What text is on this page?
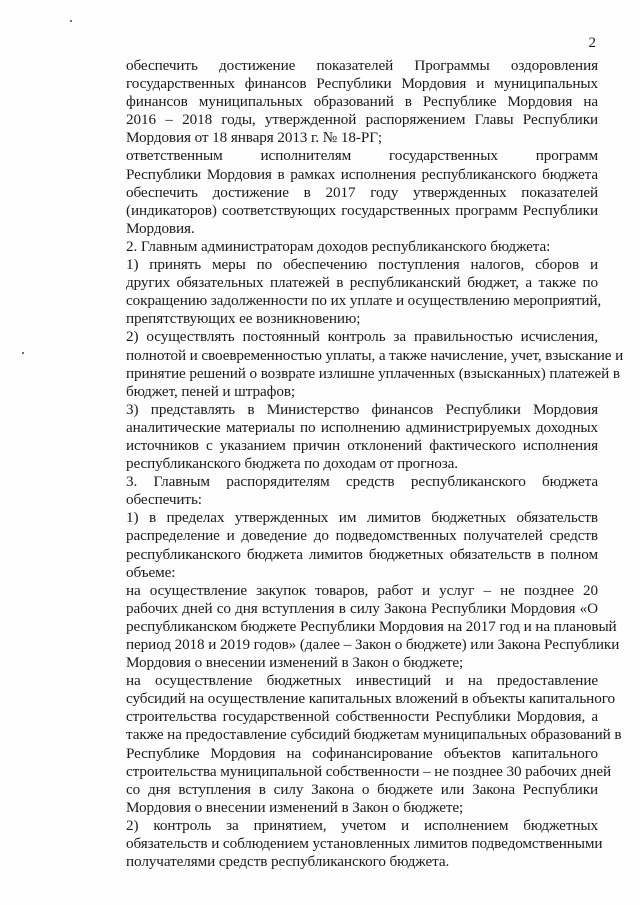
2
обеспечить достижение показателей Программы оздоровления
государственных финансов Республики Мордовия и муниципальных
финансов муниципальных образований в Республике Мордовия на
2016 – 2018 годы, утвержденной распоряжением Главы Республики
Мордовия от 18 января 2013 г. № 18-РГ;
ответственным исполнителям государственных программ
Республики Мордовия в рамках исполнения республиканского бюджета
обеспечить достижение в 2017 году утвержденных показателей
(индикаторов) соответствующих государственных программ Республики
Мордовия.
2. Главным администраторам доходов республиканского бюджета:
1) принять меры по обеспечению поступления налогов, сборов и
других обязательных платежей в республиканский бюджет, а также по
сокращению задолженности по их уплате и осуществлению мероприятий,
препятствующих ее возникновению;
2) осуществлять постоянный контроль за правильностью исчисления,
полнотой и своевременностью уплаты, а также начисление, учет, взыскание и
принятие решений о возврате излишне уплаченных (взысканных) платежей в
бюджет, пеней и штрафов;
3) представлять в Министерство финансов Республики Мордовия
аналитические материалы по исполнению администрируемых доходных
источников с указанием причин отклонений фактического исполнения
республиканского бюджета по доходам от прогноза.
3. Главным распорядителям средств республиканского бюджета
обеспечить:
1) в пределах утвержденных им лимитов бюджетных обязательств
распределение и доведение до подведомственных получателей средств
республиканского бюджета лимитов бюджетных обязательств в полном
объеме:
на осуществление закупок товаров, работ и услуг – не позднее 20
рабочих дней со дня вступления в силу Закона Республики Мордовия «О
республиканском бюджете Республики Мордовия на 2017 год и на плановый
период 2018 и 2019 годов» (далее – Закон о бюджете) или Закона Республики
Мордовия о внесении изменений в Закон о бюджете;
на осуществление бюджетных инвестиций и на предоставление
субсидий на осуществление капитальных вложений в объекты капитального
строительства государственной собственности Республики Мордовия, а
также на предоставление субсидий бюджетам муниципальных образований в
Республике Мордовия на софинансирование объектов капитального
строительства муниципальной собственности – не позднее 30 рабочих дней
со дня вступления в силу Закона о бюджете или Закона Республики
Мордовия о внесении изменений в Закон о бюджете;
2) контроль за принятием, учетом и исполнением бюджетных
обязательств и соблюдением установленных лимитов подведомственными
получателями средств республиканского бюджета.
